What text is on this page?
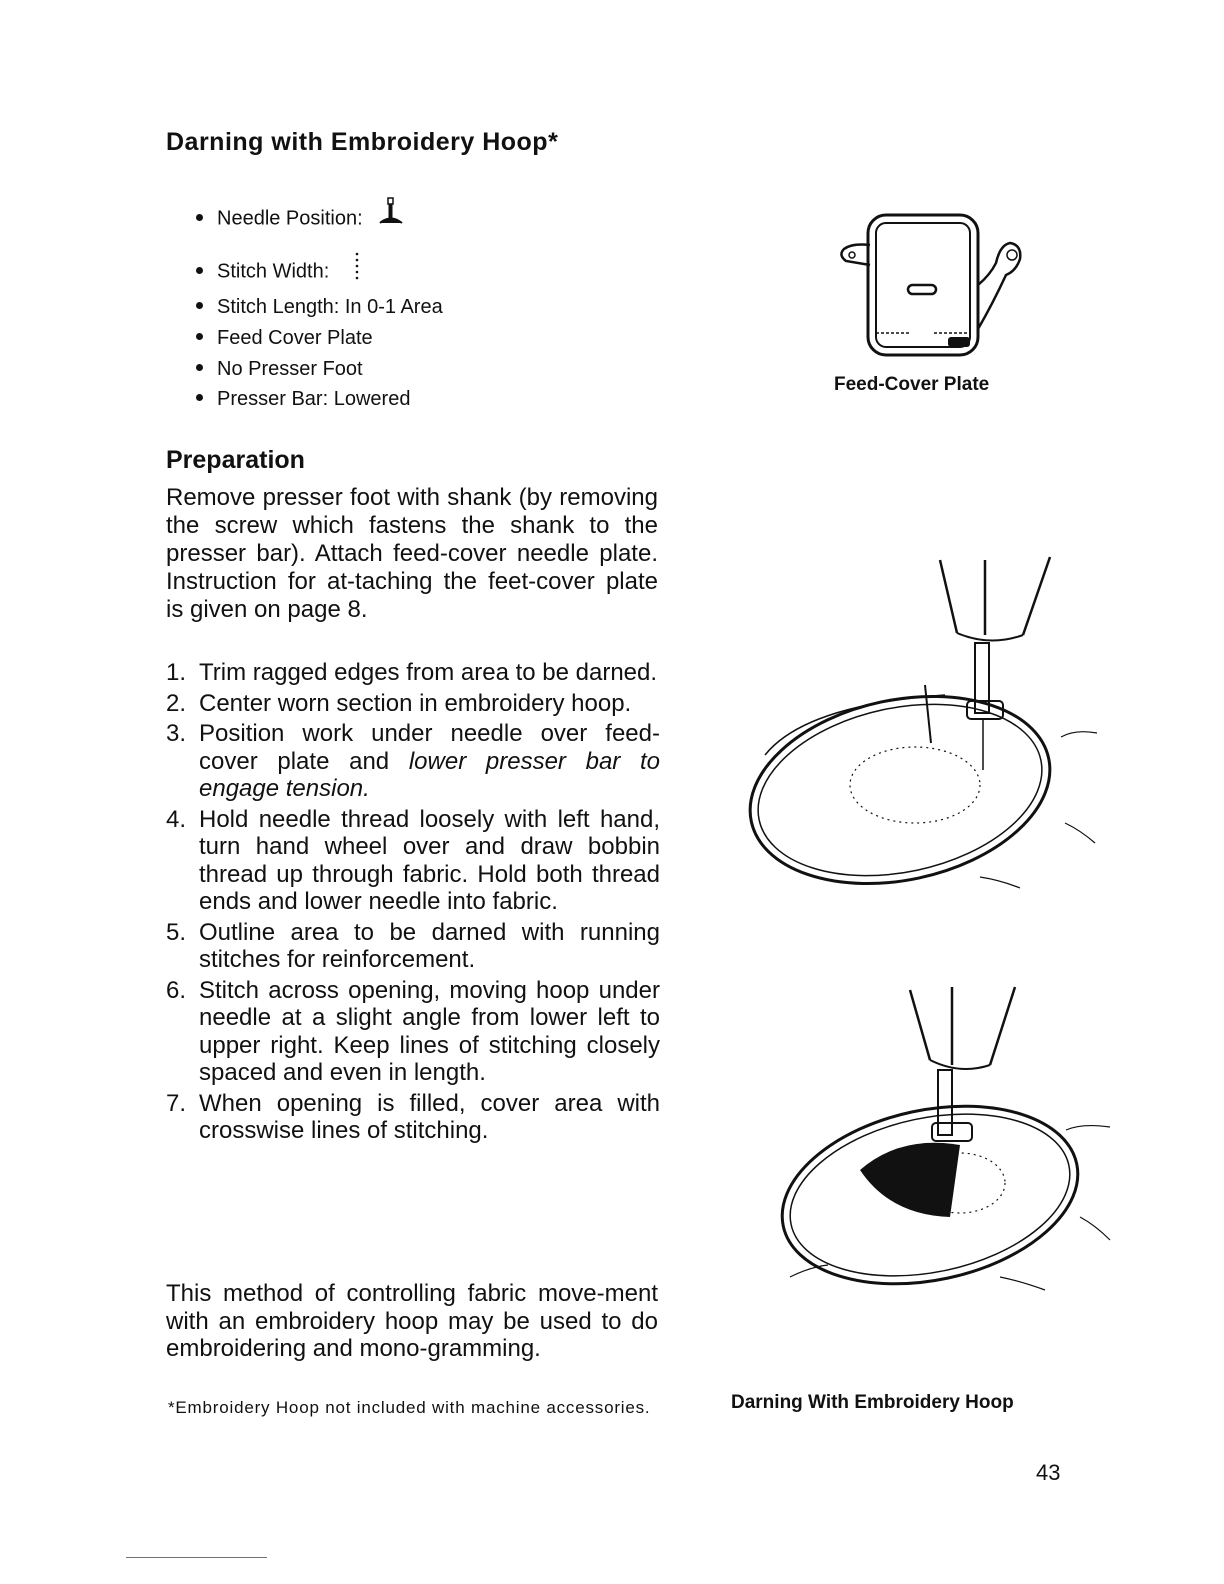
Darning with Embroidery Hoop*
Needle Position:
Stitch Width:
Stitch Length: In 0-1 Area
Feed Cover Plate
No Presser Foot
Presser Bar: Lowered
Preparation
Remove presser foot with shank (by removing the screw which fastens the shank to the presser bar). Attach feed-cover needle plate. Instruction for at-taching the feet-cover plate is given on page 8.
1. Trim ragged edges from area to be darned.
2. Center worn section in embroidery hoop.
3. Position work under needle over feed-cover plate and lower presser bar to engage tension.
4. Hold needle thread loosely with left hand, turn hand wheel over and draw bobbin thread up through fabric. Hold both thread ends and lower needle into fabric.
5. Outline area to be darned with running stitches for reinforcement.
6. Stitch across opening, moving hoop under needle at a slight angle from lower left to upper right. Keep lines of stitching closely spaced and even in length.
7. When opening is filled, cover area with crosswise lines of stitching.
This method of controlling fabric move-ment with an embroidery hoop may be used to do embroidering and mono-gramming.
*Embroidery Hoop not included with machine accessories.
Feed-Cover Plate
Darning With Embroidery Hoop
43
